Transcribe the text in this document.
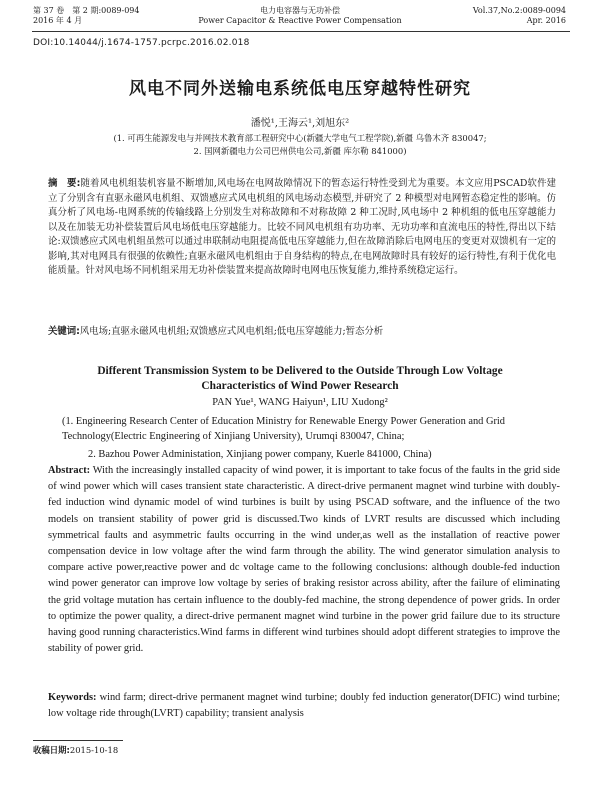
第 37 卷　第 2 期:0089-094
2016 年 4 月
电力电容器与无功补偿
Power Capacitor & Reactive Power Compensation
Vol.37,No.2:0089-0094
Apr. 2016
DOI:10.14044/j.1674-1757.pcrpc.2016.02.018
风电不同外送输电系统低电压穿越特性研究
潘悦¹,王海云¹,刘旭东²
(1. 可再生能源发电与并网技术教育部工程研究中心(新疆大学电气工程学院),新疆 乌鲁木齐 830047;
2. 国网新疆电力公司巴州供电公司,新疆 库尔勒 841000)
摘　要:随着风电机组装机容量不断增加,风电场在电网故障情况下的暂态运行特性受到尤为重要。本文应用PSCAD软件建立了分别含有直驱永磁风电机组、双馈感应式风电机组的风电场动态模型,并研究了 2 种模型对电网暂态稳定性的影响。仿真分析了风电场-电网系统的传输线路上分别发生对称故障和不对称故障 2 种工况时,风电场中 2 种机组的低电压穿越能力以及在加装无功补偿装置后风电场低电压穿越能力。比较不同风电机组有功功率、无功功率和直流电压的特性,得出以下结论:双馈感应式风电机组虽然可以通过串联制动电阻提高低电压穿越能力,但在故障消除后电网电压的变更对双馈机有一定的影响,其对电网具有很强的依赖性;直驱永磁风电机组由于自身结构的特点,在电网故障时具有较好的运行特性,有利于优化电能质量。针对风电场不同机组采用无功补偿装置来提高故障时电网电压恢复能力,维持系统稳定运行。
关键词:风电场;直驱永磁风电机组;双馈感应式风电机组;低电压穿越能力;暂态分析
Different Transmission System to be Delivered to the Outside Through Low Voltage
Characteristics of Wind Power Research
PAN Yue¹, WANG Haiyun¹, LIU Xudong²
(1. Engineering Research Center of Education Ministry for Renewable Energy Power Generation and Grid Technology(Electric Engineering of Xinjiang University), Urumqi 830047, China;
2. Bazhou Power Administation, Xinjiang power company, Kuerle 841000, China)
Abstract: With the increasingly installed capacity of wind power, it is important to take focus of the faults in the grid side of wind power which will cases transient state characteristic. A direct-drive permanent magnet wind turbine with doubly-fed induction wind dynamic model of wind turbines is built by using PSCAD software, and the influence of the two models on transient stability of power grid is discussed.Two kinds of LVRT results are discussed which including symmetrical faults and asymmetric faults occurring in the wind under,as well as the installation of reactive power compensation device in low voltage after the wind farm through the ability. The wind generator simulation analysis to compare active power,reactive power and dc voltage came to the following conclusions: although double-fed induction wind power generator can improve low voltage by series of braking resistor across ability, after the failure of eliminating the grid voltage mutation has certain influence to the doubly-fed machine, the strong dependence of power grids. In order to optimize the power quality, a direct-drive permanent magnet wind turbine in the power grid failure due to its structure having good running characteristics.Wind farms in different wind turbines should adopt different strategies to improve the stability of power grid.
Keywords: wind farm; direct-drive permanent magnet wind turbine; doubly fed induction generator(DFIC) wind turbine; low voltage ride through(LVRT) capability; transient analysis
收稿日期:2015-10-18
